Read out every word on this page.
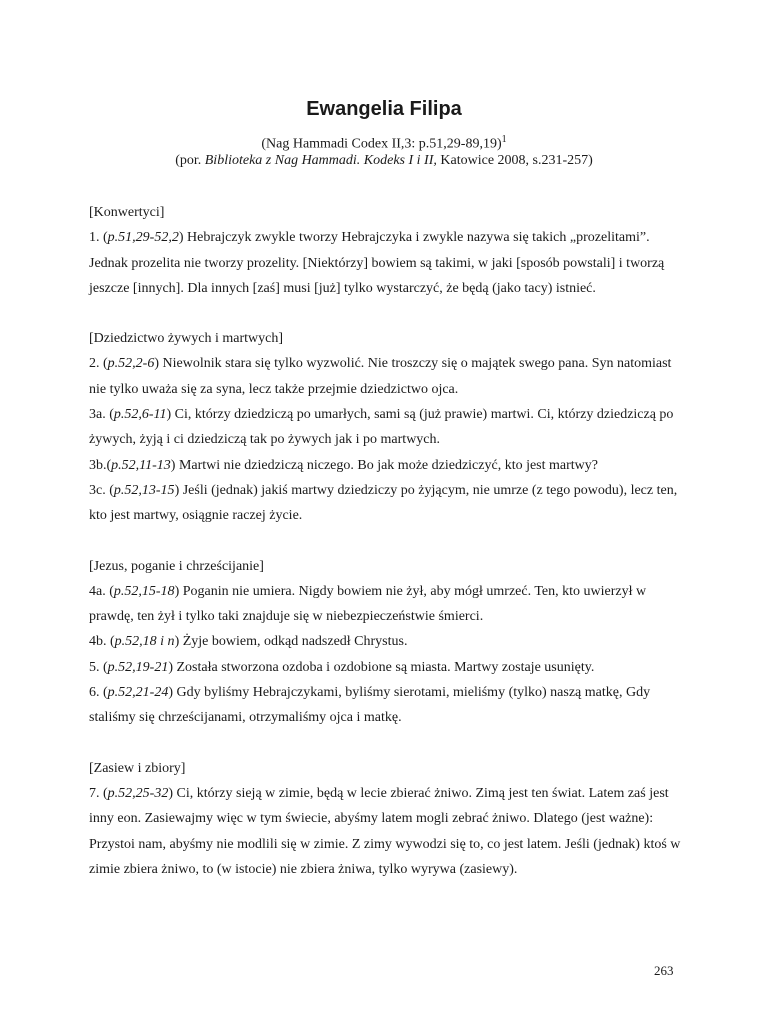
Ewangelia Filipa
(Nag Hammadi Codex II,3: p.51,29-89,19)$^1$
(por. Biblioteka z Nag Hammadi. Kodeks I i II, Katowice 2008, s.231-257)

[Konwertyci]

1. (p.51,29-52,2) Hebrajczyk zwykle tworzy Hebrajczyka i zwykle nazywa się takich „prozelitami”. Jednak prozelita nie tworzy prozelity. [Niektórzy] bowiem są takimi, w jaki [sposób powstali] i tworzą jeszcze [innych]. Dla innych [zaś] musi [już] tylko wystarczyć, że będą (jako tacy) istnieć.

[Dziedzictwo żywych i martwych]

2. (p.52,2-6) Niewolnik stara się tylko wyzwolić. Nie troszczy się o majątek swego pana. Syn natomiast nie tylko uważa się za syna, lecz także przejmie dziedzictwo ojca.

3a. (p.52,6-11) Ci, którzy dziedziczą po umarłych, sami są (już prawie) martwi. Ci, którzy dziedziczą po żywych, żyją i ci dziedziczą tak po żywych jak i po martwych.

3b.(p.52,11-13) Martwi nie dziedziczą niczego. Bo jak może dziedziczyć, kto jest martwy?

3c. (p.52,13-15) Jeśli (jednak) jakiś martwy dziedziczy po żyjącym, nie umrze (z tego powodu), lecz ten, kto jest martwy, osiągnie raczej życie.

[Jezus, poganie i chrześcijanie]

4a. (p.52,15-18) Poganin nie umiera. Nigdy bowiem nie żył, aby mógł umrzeć. Ten, kto uwierzył w prawdę, ten żył i tylko taki znajduje się w niebezpieczeństwie śmierci.

4b. (p.52,18 i n) Żyje bowiem, odkąd nadszedł Chrystus.

5. (p.52,19-21) Została stworzona ozdoba i ozdobione są miasta. Martwy zostaje usunięty.

6. (p.52,21-24) Gdy byliśmy Hebrajczykami, byliśmy sierotami, mieliśmy (tylko) naszą matkę, Gdy staliśmy się chrześcijanami, otrzymaliśmy ojca i matkę.

[Zasiew i zbiory]

7. (p.52,25-32) Ci, którzy sieją w zimie, będą w lecie zbierać żniwo. Zimą jest ten świat. Latem zaś jest inny eon. Zasiewajmy więc w tym świecie, abyśmy latem mogli zebrać żniwo. Dlatego (jest ważne): Przystoi nam, abyśmy nie modlili się w zimie. Z zimy wywodzi się to, co jest latem. Jeśli (jednak) ktoś w zimie zbiera żniwo, to (w istocie) nie zbiera żniwa, tylko wyrywa (zasiewy).

263
